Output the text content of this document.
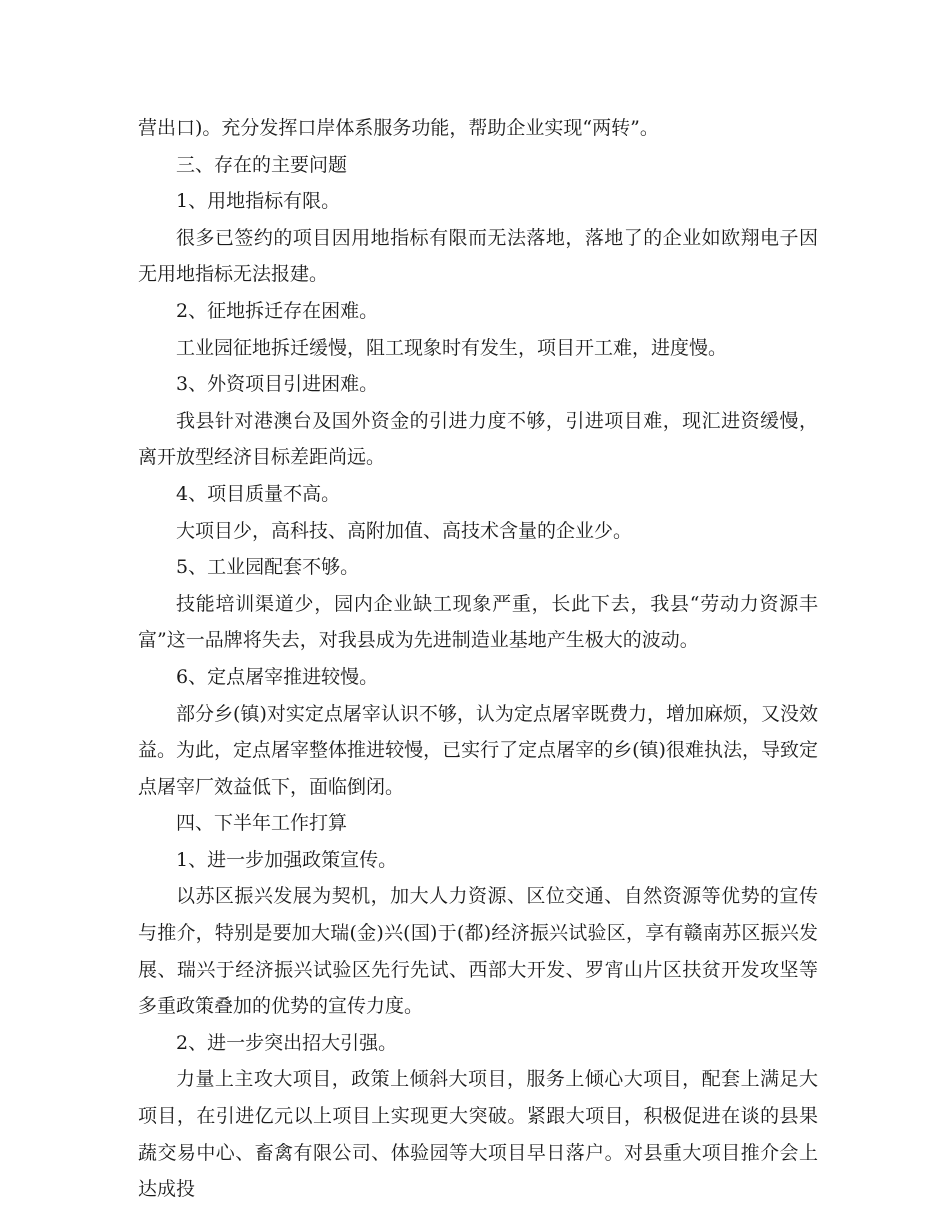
营出口)。充分发挥口岸体系服务功能，帮助企业实现“两转”。

三、存在的主要问题

1、用地指标有限。

很多已签约的项目因用地指标有限而无法落地，落地了的企业如欧翔电子因无用地指标无法报建。

2、征地拆迁存在困难。

工业园征地拆迁缓慢，阻工现象时有发生，项目开工难，进度慢。

3、外资项目引进困难。

我县针对港澳台及国外资金的引进力度不够，引进项目难，现汇进资缓慢，离开放型经济目标差距尚远。

4、项目质量不高。

大项目少，高科技、高附加值、高技术含量的企业少。

5、工业园配套不够。

技能培训渠道少，园内企业缺工现象严重，长此下去，我县“劳动力资源丰富”这一品牌将失去，对我县成为先进制造业基地产生极大的波动。

6、定点屠宰推进较慢。

部分乡(镇)对实定点屠宰认识不够，认为定点屠宰既费力，增加麻烦，又没效益。为此，定点屠宰整体推进较慢，已实行了定点屠宰的乡(镇)很难执法，导致定点屠宰厂效益低下，面临倒闭。

四、下半年工作打算

1、进一步加强政策宣传。

以苏区振兴发展为契机，加大人力资源、区位交通、自然资源等优势的宣传与推介，特别是要加大瑞(金)兴(国)于(都)经济振兴试验区，享有赣南苏区振兴发展、瑞兴于经济振兴试验区先行先试、西部大开发、罗宵山片区扶贫开发攻坚等多重政策叠加的优势的宣传力度。

2、进一步突出招大引强。

力量上主攻大项目，政策上倾斜大项目，服务上倾心大项目，配套上满足大项目，在引进亿元以上项目上实现更大突破。紧跟大项目，积极促进在谈的县果蔬交易中心、畜禽有限公司、体验园等大项目早日落户。对县重大项目推介会上达成投
